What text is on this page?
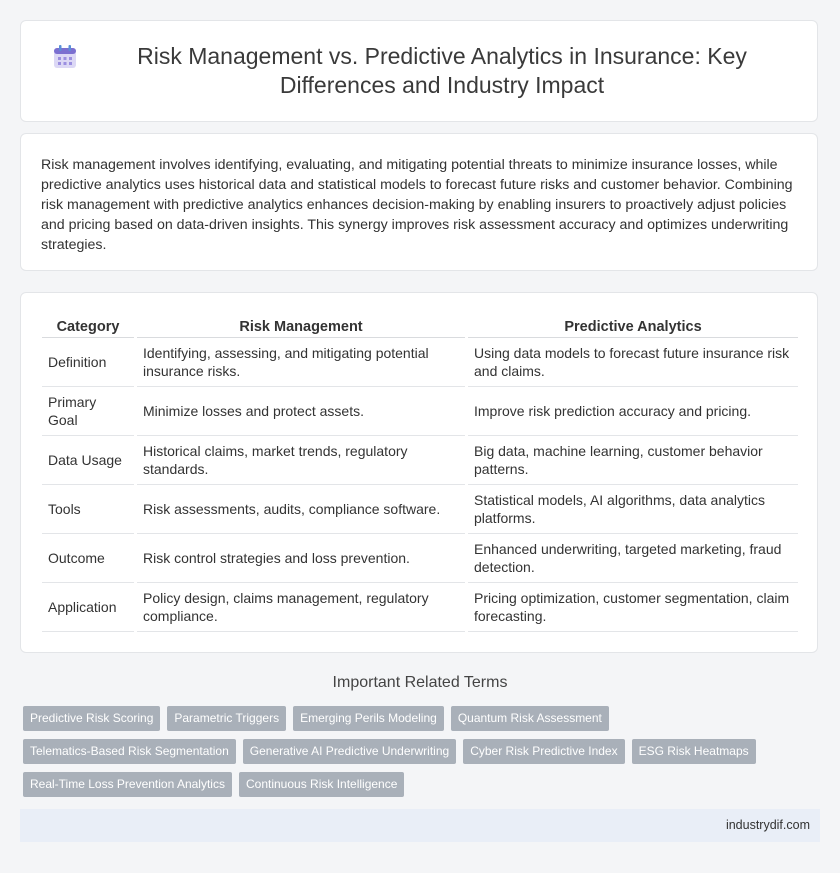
Risk Management vs. Predictive Analytics in Insurance: Key Differences and Industry Impact

Risk management involves identifying, evaluating, and mitigating potential threats to minimize insurance losses, while predictive analytics uses historical data and statistical models to forecast future risks and customer behavior. Combining risk management with predictive analytics enhances decision-making by enabling insurers to proactively adjust policies and pricing based on data-driven insights. This synergy improves risk assessment accuracy and optimizes underwriting strategies.

Category	Risk Management	Predictive Analytics
Definition	Identifying, assessing, and mitigating potential insurance risks.	Using data models to forecast future insurance risk and claims.
Primary Goal	Minimize losses and protect assets.	Improve risk prediction accuracy and pricing.
Data Usage	Historical claims, market trends, regulatory standards.	Big data, machine learning, customer behavior patterns.
Tools	Risk assessments, audits, compliance software.	Statistical models, AI algorithms, data analytics platforms.
Outcome	Risk control strategies and loss prevention.	Enhanced underwriting, targeted marketing, fraud detection.
Application	Policy design, claims management, regulatory compliance.	Pricing optimization, customer segmentation, claim forecasting.
Important Related Terms
Predictive Risk Scoring	Parametric Triggers	Emerging Perils Modeling	Quantum Risk Assessment
Telematics-Based Risk Segmentation	Generative AI Predictive Underwriting	Cyber Risk Predictive Index	ESG Risk Heatmaps
Real-Time Loss Prevention Analytics	Continuous Risk Intelligence
industrydif.com
